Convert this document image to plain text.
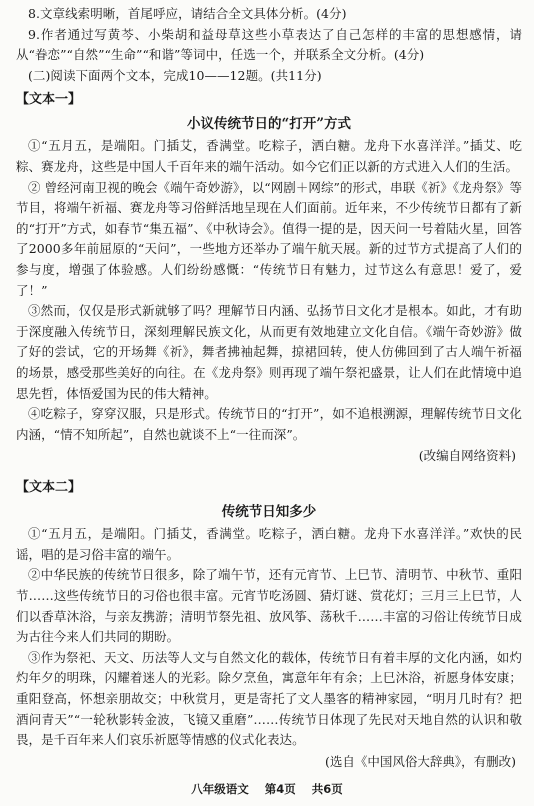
8.文章线索明晰，首尾呼应，请结合全文具体分析。(4分)

9.作者通过写黄芩、小柴胡和益母草这些小草表达了自己怎样的丰富的思想感情，请从“眷恋”“自然”“生命”“和谐”等词中，任选一个，并联系全文分析。(4分)

(二)阅读下面两个文本，完成10——12题。(共11分)

【文本一】
小议传统节日的“打开”方式

①“五月五，是端阳。门插艾，香满堂。吃粽子，洒白糖。龙舟下水喜洋洋。”插艾、吃粽、赛龙舟，这些是中国人千百年来的端午活动。如今它们正以新的方式进入人们的生活。

② 曾经河南卫视的晚会《端午奇妙游》，以“网剧＋网综”的形式，串联《祈》《龙舟祭》等节目，将端午祈福、赛龙舟等习俗鲜活地呈现在人们面前。近年来，不少传统节日都有了新的“打开”方式，如春节“集五福”、《中秋诗会》。值得一提的是，因天问一号着陆火星，回答了2000多年前屈原的“天问”，一些地方还举办了端午航天展。新的过节方式提高了人们的参与度，增强了体验感。人们纷纷感慨：“传统节日有魅力，过节这么有意思！爱了，爱了！”

③然而，仅仅是形式新就够了吗？理解节日内涵、弘扬节日文化才是根本。如此，才有助于深度融入传统节日，深刻理解民族文化，从而更有效地建立文化自信。《端午奇妙游》做了好的尝试，它的开场舞《祈》，舞者拂袖起舞，掠裙回转，使人仿佛回到了古人端午祈福的场景，感受那些美好的向往。在《龙舟祭》则再现了端午祭祀盛景，让人们在此情境中追思先哲，体悟爱国为民的伟大精神。

④吃粽子，穿穿汉服，只是形式。传统节日的“打开”，如不追根溯源，理解传统节日文化内涵，“情不知所起”，自然也就谈不上“一往而深”。

(改编自网络资料)
【文本二】
传统节日知多少

①“五月五，是端阳。门插艾，香满堂。吃粽子，洒白糖。龙舟下水喜洋洋。”欢快的民谣，唱的是习俗丰富的端午。

②中华民族的传统节日很多，除了端午节，还有元宵节、上巳节、清明节、中秋节、重阳节……这些传统节日的习俗也很丰富。元宵节吃汤圆、猜灯谜、赏花灯；三月三上巳节，人们以香草沐浴，与亲友携游；清明节祭先祖、放风筝、荡秋千……丰富的习俗让传统节日成为古往今来人们共同的期盼。

③作为祭祀、天文、历法等人文与自然文化的载体，传统节日有着丰厚的文化内涵，如灼灼年夕的明珠，闪耀着迷人的光彩。除夕烹鱼，寓意年年有余；上巳沐浴，祈愿身体安康；重阳登高，怀想亲朋故交；中秋赏月，更是寄托了文人墨客的精神家园，“明月几时有？把酒问青天”“一轮秋影转金波，飞镜又重磨”……传统节日体现了先民对天地自然的认识和敬畏，是千百年来人们哀乐祈愿等情感的仪式化表达。

(选自《中国风俗大辞典》，有删改)
八年级语文 第4页 共6页
